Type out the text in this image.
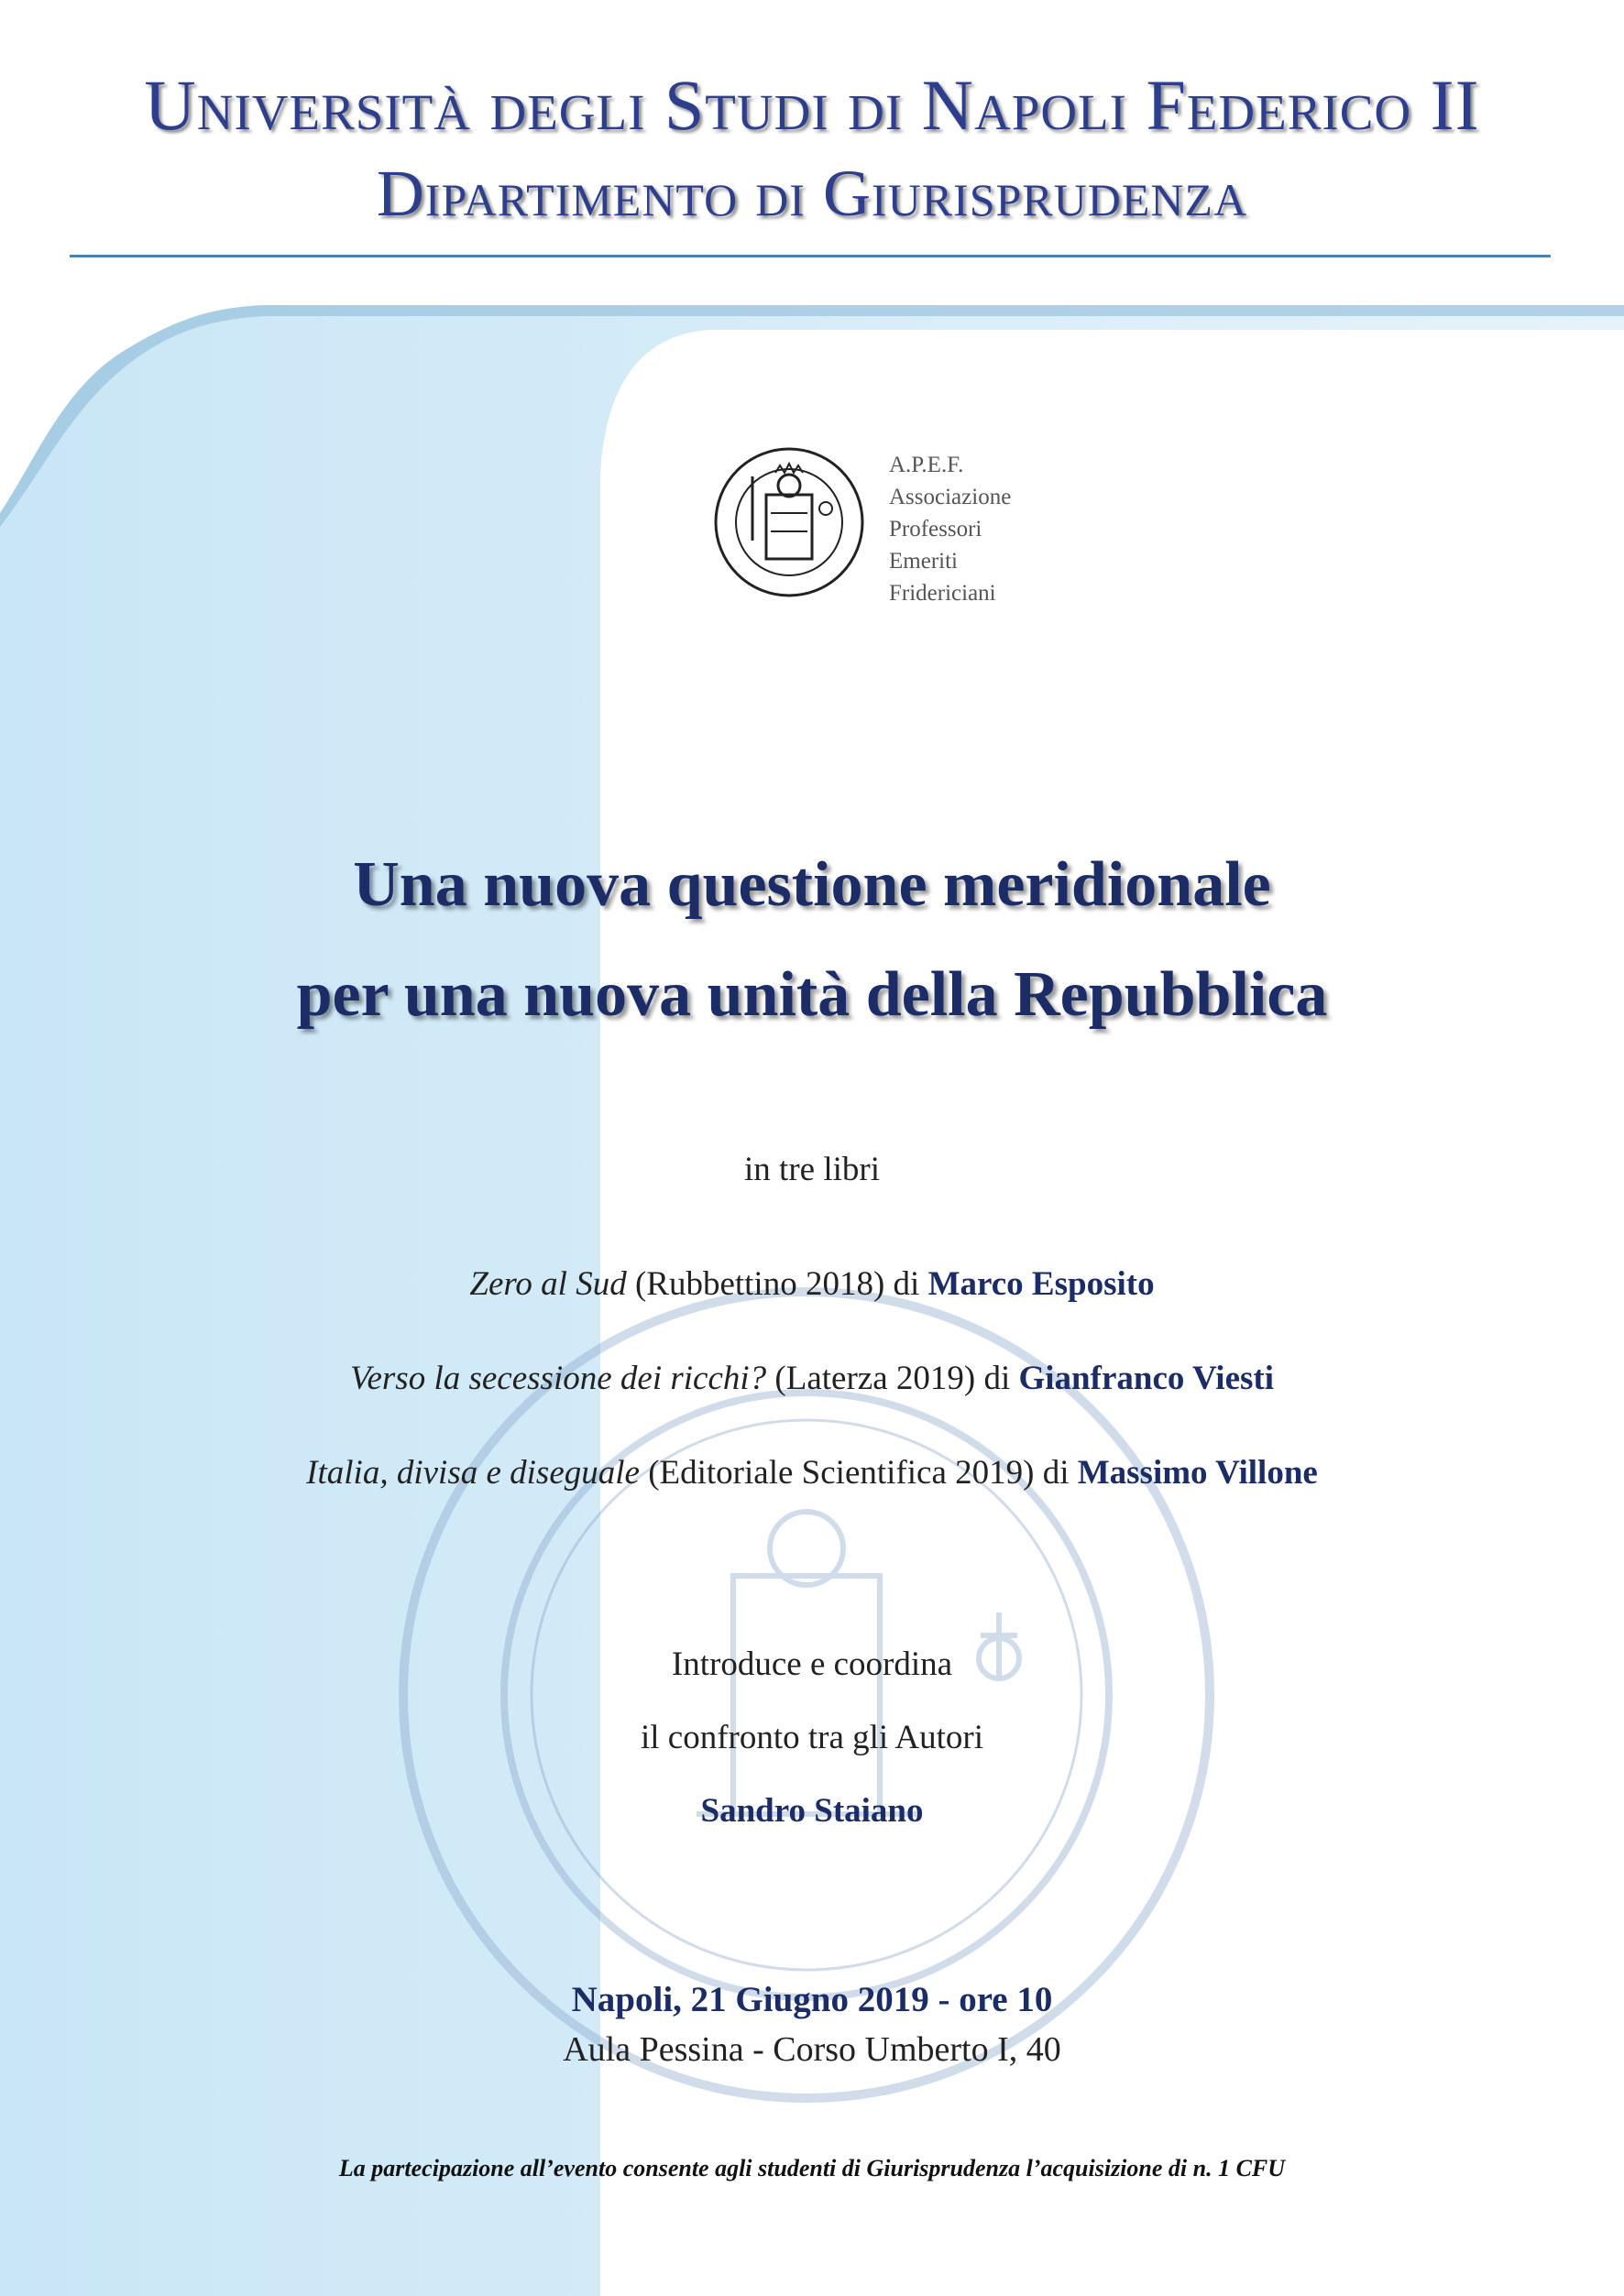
Università degli Studi di Napoli Federico II
Dipartimento di Giurisprudenza
A.P.E.F.
Associazione
Professori
Emeriti
Fridericiani
Una nuova questione meridionale
per una nuova unità della Repubblica
in tre libri
Zero al Sud (Rubbettino 2018) di Marco Esposito
Verso la secessione dei ricchi? (Laterza 2019) di Gianfranco Viesti
Italia, divisa e diseguale (Editoriale Scientifica 2019) di Massimo Villone
Introduce e coordina
il confronto tra gli Autori
Sandro Staiano
Napoli, 21 Giugno 2019 - ore 10
Aula Pessina - Corso Umberto I, 40
La partecipazione all’evento consente agli studenti di Giurisprudenza l’acquisizione di n. 1 CFU
